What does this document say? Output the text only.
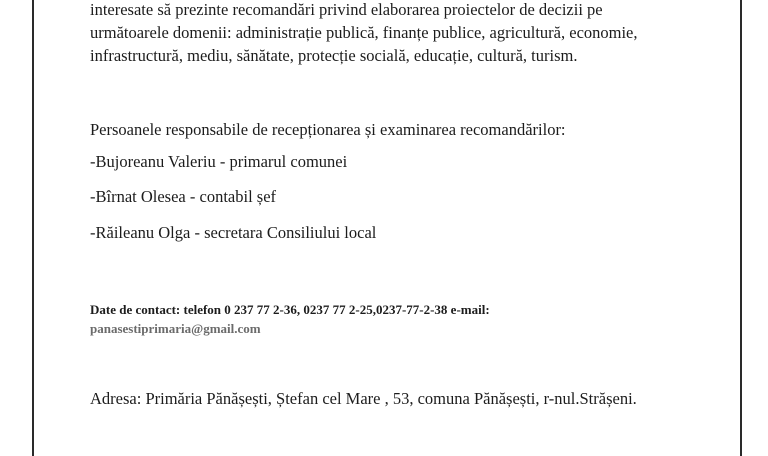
interesate să prezinte recomandări privind elaborarea proiectelor de decizii pe
următoarele domenii: administrație publică, finanțe publice, agricultură, economie,
infrastructură, mediu, sănătate, protecție socială, educație, cultură, turism.

Persoanele responsabile de recepționarea și examinarea recomandărilor:

-Bujoreanu Valeriu - primarul comunei

-Bîrnat Olesea - contabil șef

-Răileanu Olga - secretara Consiliului local

Date de contact: telefon 0 237 77 2-36, 0237 77 2-25,0237-77-2-38 e-mail:

panasestiprimaria@gmail.com

Adresa: Primăria Pănășești, Ștefan cel Mare , 53, comuna Pănășești, r-nul.Strășeni.
